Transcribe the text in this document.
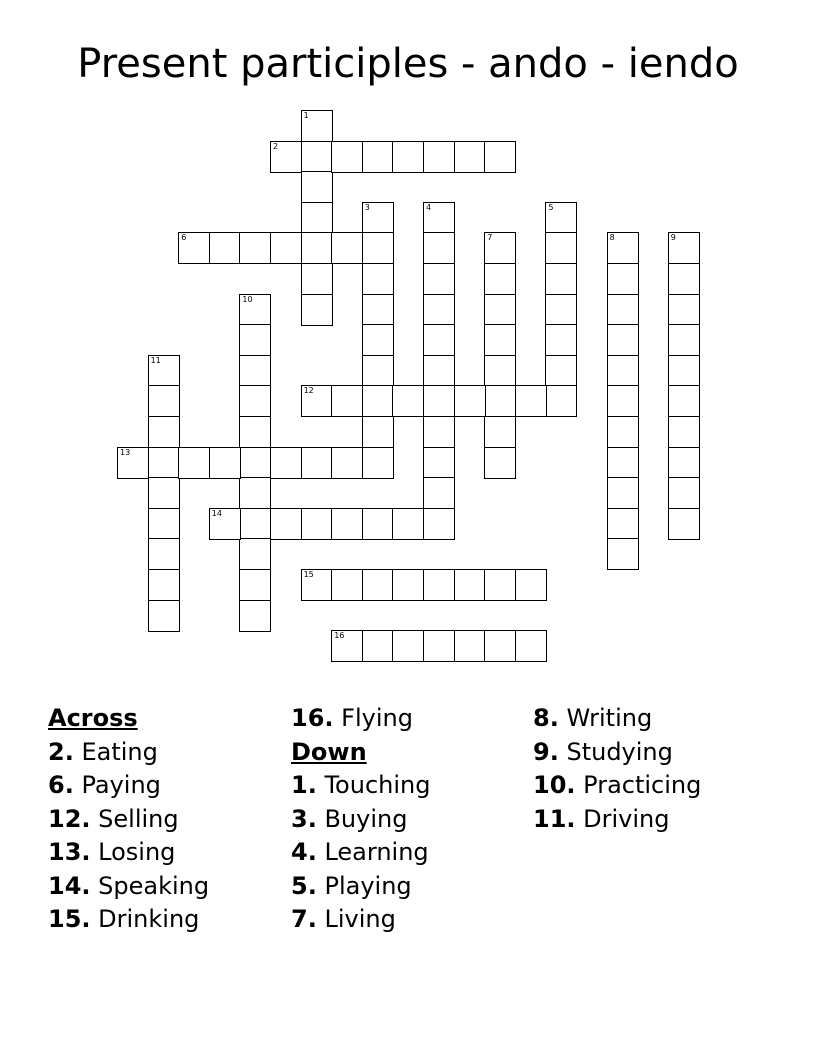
Present participles - ando - iendo
1
2
3	4	5
6	7	8	9
10
11
12
13
14
15
16
Across
2. Eating
6. Paying
12. Selling
13. Losing
14. Speaking
15. Drinking
16. Flying
Down
1. Touching
3. Buying
4. Learning
5. Playing
7. Living
8. Writing
9. Studying
10. Practicing
11. Driving
